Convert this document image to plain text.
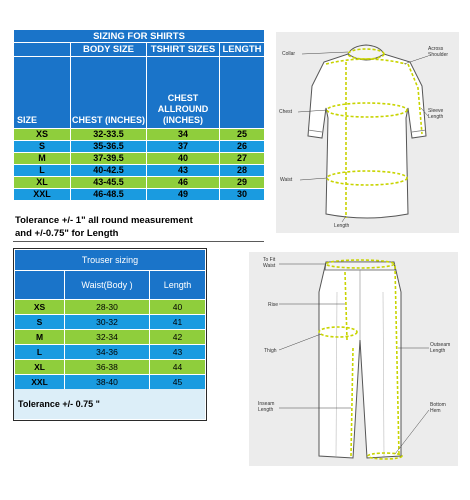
SIZING FOR SHIRTS			
	BODY SIZE	TSHIRT SIZES	LENGTH
SIZE	CHEST (INCHES)	CHEST ALLROUND (INCHES)	
XS	32-33.5	34	25
S	35-36.5	37	26
M	37-39.5	40	27
L	40-42.5	43	28
XL	43-45.5	46	29
XXL	46-48.5	49	30
Tolerance +/- 1" all round measurement
and +/-0.75" for Length
Trouser sizing		
	Waist(Body )	Length
XS	28-30	40
S	30-32	41
M	32-34	42
L	34-36	43
XL	36-38	44
XXL	38-40	45
Tolerance +/- 0.75 "
Collar
Across Shoulder
Chest	Sleeve Length
Waist
Length
To Fit Waist
Rise
Thigh
Outseam Length
Inseam Length
Bottom Hem
